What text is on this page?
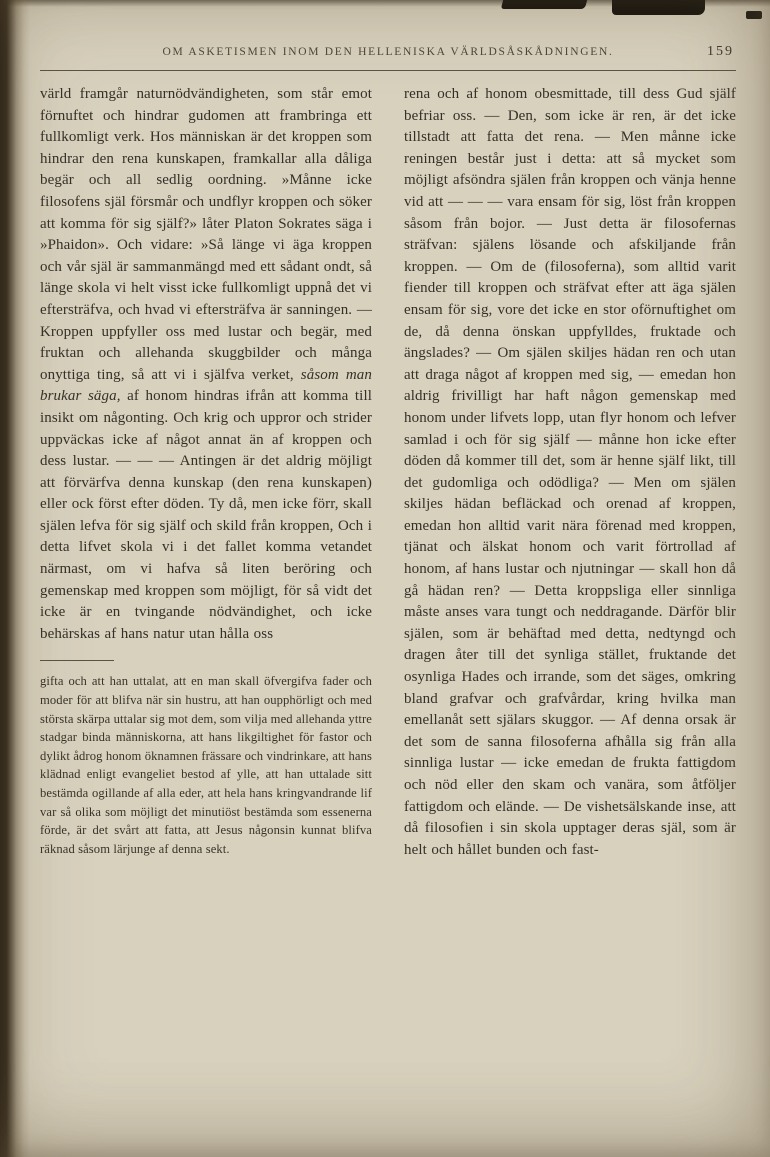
OM ASKETISMEN INOM DEN HELLENISKA VÄRLDSÅSKÅDNINGEN.	159

värld framgår naturnödvändigheten, som står emot förnuftet och hindrar gudomen att frambringa ett fullkomligt verk. Hos människan är det kroppen som hindrar den rena kunskapen, framkallar alla dåliga begär och all sedlig oordning. »Månne icke filosofens själ försmår och undflyr kroppen och söker att komma för sig själf?» låter Platon Sokrates säga i »Phaidon». Och vidare: »Så länge vi äga kroppen och vår själ är sammanmängd med ett sådant ondt, så länge skola vi helt visst icke fullkomligt uppnå det vi eftersträfva, och hvad vi eftersträfva är sanningen. — Kroppen uppfyller oss med lustar och begär, med fruktan och allehanda skuggbilder och många onyttiga ting, så att vi i själfva verket, såsom man brukar säga, af honom hindras ifrån att komma till insikt om någonting. Och krig och uppror och strider uppväckas icke af något annat än af kroppen och dess lustar. — — — Antingen är det aldrig möjligt att förvärfva denna kunskap (den rena kunskapen) eller ock först efter döden. Ty då, men icke förr, skall själen lefva för sig själf och skild från kroppen, Och i detta lifvet skola vi i det fallet komma vetandet närmast, om vi hafva så liten beröring och gemenskap med kroppen som möjligt, för så vidt det icke är en tvingande nödvändighet, och icke behärskas af hans natur utan hålla oss

gifta och att han uttalat, att en man skall öfvergifva fader och moder för att blifva när sin hustru, att han oupphörligt och med största skärpa uttalar sig mot dem, som vilja med allehanda yttre stadgar binda människorna, att hans likgiltighet för fastor och dylikt ådrog honom öknamnen frässare och vindrinkare, att hans klädnad enligt evangeliet bestod af ylle, att han uttalade sitt bestämda ogillande af alla eder, att hela hans kringvandrande lif var så olika som möjligt det minutiöst bestämda som essenerna förde, är det svårt att fatta, att Jesus någonsin kunnat blifva räknad såsom lärjunge af denna sekt.

rena och af honom obesmittade, till dess Gud själf befriar oss. — Den, som icke är ren, är det icke tillstadt att fatta det rena. — Men månne icke reningen består just i detta: att så mycket som möjligt afsöndra själen från kroppen och vänja henne vid att — — — vara ensam för sig, löst från kroppen såsom från bojor. — Just detta är filosofernas sträfvan: själens lösande och afskiljande från kroppen. — Om de (filosoferna), som alltid varit fiender till kroppen och sträfvat efter att äga själen ensam för sig, vore det icke en stor oförnuftighet om de, då denna önskan uppfylldes, fruktade och ängslades? — Om själen skiljes hädan ren och utan att draga något af kroppen med sig, — emedan hon aldrig frivilligt har haft någon gemenskap med honom under lifvets lopp, utan flyr honom och lefver samlad i och för sig själf — månne hon icke efter döden då kommer till det, som är henne själf likt, till det gudomliga och odödliga? — Men om själen skiljes hädan befläckad och orenad af kroppen, emedan hon alltid varit nära förenad med kroppen, tjänat och älskat honom och varit förtrollad af honom, af hans lustar och njutningar — skall hon då gå hädan ren? — Detta kroppsliga eller sinnliga måste anses vara tungt och neddragande. Därför blir själen, som är behäftad med detta, nedtyngd och dragen åter till det synliga stället, fruktande det osynliga Hades och irrande, som det säges, omkring bland grafvar och grafvårdar, kring hvilka man emellanåt sett själars skuggor. — Af denna orsak är det som de sanna filosoferna afhålla sig från alla sinnliga lustar — icke emedan de frukta fattigdom och nöd eller den skam och vanära, som åtföljer fattigdom och elände. — De vishetsälskande inse, att då filosofien i sin skola upptager deras själ, som är helt och hållet bunden och fast-
